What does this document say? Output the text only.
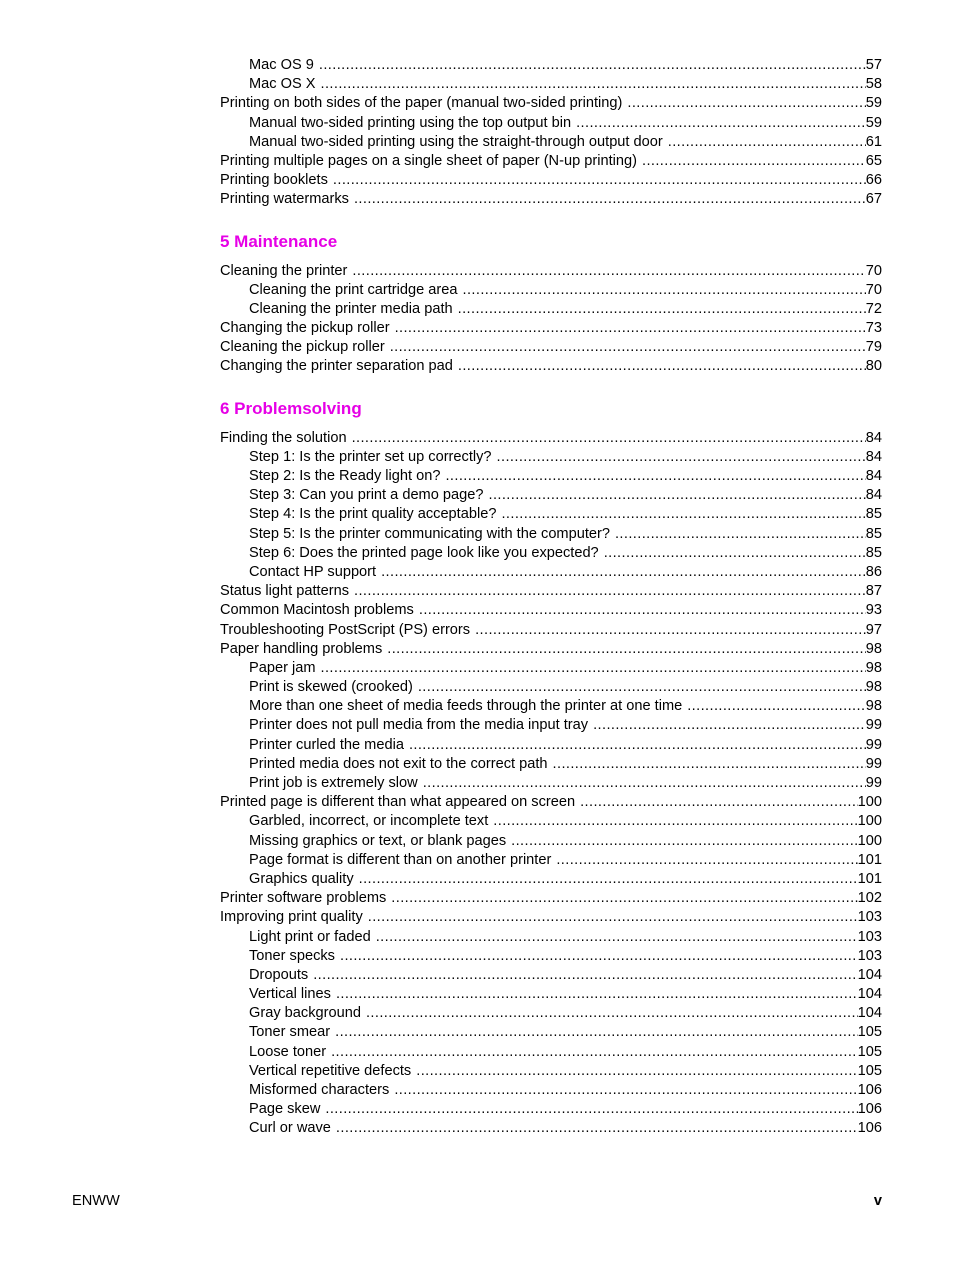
Mac OS 9 .....	57
Mac OS X .....	58
Printing on both sides of the paper (manual two-sided printing) .....	59
Manual two-sided printing using the top output bin .....	59
Manual two-sided printing using the straight-through output door .....	61
Printing multiple pages on a single sheet of paper (N-up printing) .....	65
Printing booklets .....	66
Printing watermarks .....	67
5 Maintenance
Cleaning the printer .....	70
Cleaning the print cartridge area .....	70
Cleaning the printer media path .....	72
Changing the pickup roller .....	73
Cleaning the pickup roller .....	79
Changing the printer separation pad .....	80
6 Problemsolving
Finding the solution .....	84
Step 1: Is the printer set up correctly? .....	84
Step 2: Is the Ready light on? .....	84
Step 3: Can you print a demo page? .....	84
Step 4: Is the print quality acceptable? .....	85
Step 5: Is the printer communicating with the computer? .....	85
Step 6: Does the printed page look like you expected? .....	85
Contact HP support .....	86
Status light patterns .....	87
Common Macintosh problems .....	93
Troubleshooting PostScript (PS) errors .....	97
Paper handling problems .....	98
Paper jam .....	98
Print is skewed (crooked) .....	98
More than one sheet of media feeds through the printer at one time .....	98
Printer does not pull media from the media input tray .....	99
Printer curled the media .....	99
Printed media does not exit to the correct path .....	99
Print job is extremely slow .....	99
Printed page is different than what appeared on screen .....	100
Garbled, incorrect, or incomplete text .....	100
Missing graphics or text, or blank pages .....	100
Page format is different than on another printer .....	101
Graphics quality .....	101
Printer software problems .....	102
Improving print quality .....	103
Light print or faded .....	103
Toner specks .....	103
Dropouts .....	104
Vertical lines .....	104
Gray background .....	104
Toner smear .....	105
Loose toner .....	105
Vertical repetitive defects .....	105
Misformed characters .....	106
Page skew .....	106
Curl or wave .....	106
ENWW	v
